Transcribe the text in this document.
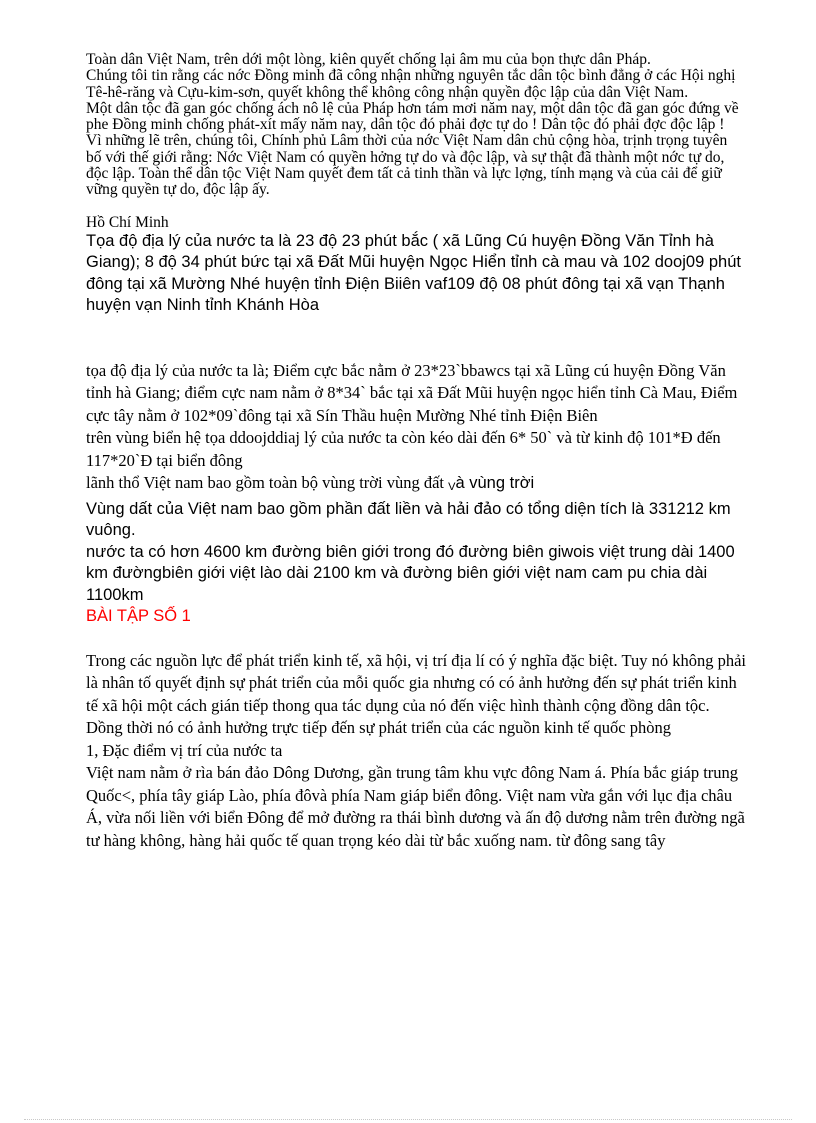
Toàn dân Việt Nam, trên dới một lòng, kiên quyết chống lại âm mu của bọn thực dân Pháp.

Chúng tôi tin rằng các nớc Đồng minh đã công nhận những nguyên tắc dân tộc bình đẳng ở các Hội nghị Tê-hê-răng và Cựu-kim-sơn, quyết không thể không công nhận quyền độc lập của dân Việt Nam.

Một dân tộc đã gan góc chống ách nô lệ của Pháp hơn tám mơi năm nay, một dân tộc đã gan góc đứng về phe Đồng minh chống phát-xít mấy năm nay, dân tộc đó phải đợc tự do ! Dân tộc đó phải đợc độc lập !

Vì những lẽ trên, chúng tôi, Chính phủ Lâm thời của nớc Việt Nam dân chủ cộng hòa, trịnh trọng tuyên bố với thế giới rằng: Nớc Việt Nam có quyền hởng tự do và độc lập, và sự thật đã thành một nớc tự do, độc lập. Toàn thể dân tộc Việt Nam quyết đem tất cả tinh thần và lực lợng, tính mạng và của cải để giữ vững quyền tự do, độc lập ấy.

Hồ Chí Minh

Tọa độ địa lý của nước ta là 23 độ 23 phút bắc ( xã Lũng Cú huyện Đồng Văn Tỉnh hà Giang); 8 độ 34 phút bức tại xã Đất Mũi huyện Ngọc Hiển tỉnh cà mau và 102 dooj09 phút đông tại xã Mường Nhé huyện tỉnh Điện Biiên vaf109 độ 08 phút đông tại xã vạn Thạnh huyện vạn Ninh tỉnh Khánh Hòa

tọa độ địa lý của nước ta là; Điểm cực bắc nằm ở 23*23`bbawcs tại xã Lũng cú huyện Đồng Văn tỉnh hà Giang; điểm cực nam nằm ở 8*34` bắc tại xã Đất Mũi huyện ngọc hiển tỉnh Cà Mau, Điểm cực tây nằm ở 102*09`đông tại xã Sín Thầu huện Mường Nhé tỉnh Điện Biên

trên vùng biển hệ tọa ddoojddiaj lý của nước ta còn kéo dài đến 6* 50` và từ kinh độ 101*Đ đến 117*20`Đ tại biển đông

lãnh thổ Việt nam bao gồm toàn bộ vùng trời vùng đất Và vùng trời

Vùng dất của Việt nam bao gồm phần đất liền và hải đảo có tổng diện tích là 331212 km vuông.

nước ta có hơn 4600 km đường biên giới trong đó đường biên giwois việt trung dài 1400 km đườngbiên giới việt lào dài 2100 km và đường biên giới việt nam cam pu chia dài 1100km

BÀI TẬP SỐ 1

Trong các nguồn lực để phát triển kinh tế, xã hội, vị trí địa lí có ý nghĩa đặc biệt. Tuy nó không phải là nhân tố quyết định sự phát triển của mỗi quốc gia nhưng có có ảnh hưởng đến sự phát triển kinh tế xã hội một cách gián tiếp thong qua tác dụng của nó đến việc hình thành cộng đồng dân tộc. Dồng thời nó có ảnh hưởng trực tiếp đến sự phát triển của các nguồn kinh tế quốc phòng

1, Đặc điểm vị trí của nước ta

Việt nam nằm ở rìa bán đảo Dông Dương, gần trung tâm khu vực đông Nam á. Phía bắc giáp trung Quốc<, phía tây giáp Lào, phía đôvà phía Nam giáp biển đông. Việt nam vừa gắn với lục địa châu Á, vừa nối liền với biển Đông để mở đường ra thái bình dương và ấn độ dương nằm trên đường ngã tư hàng không, hàng hải quốc tế quan trọng kéo dài từ bắc xuống nam. từ đông sang tây
